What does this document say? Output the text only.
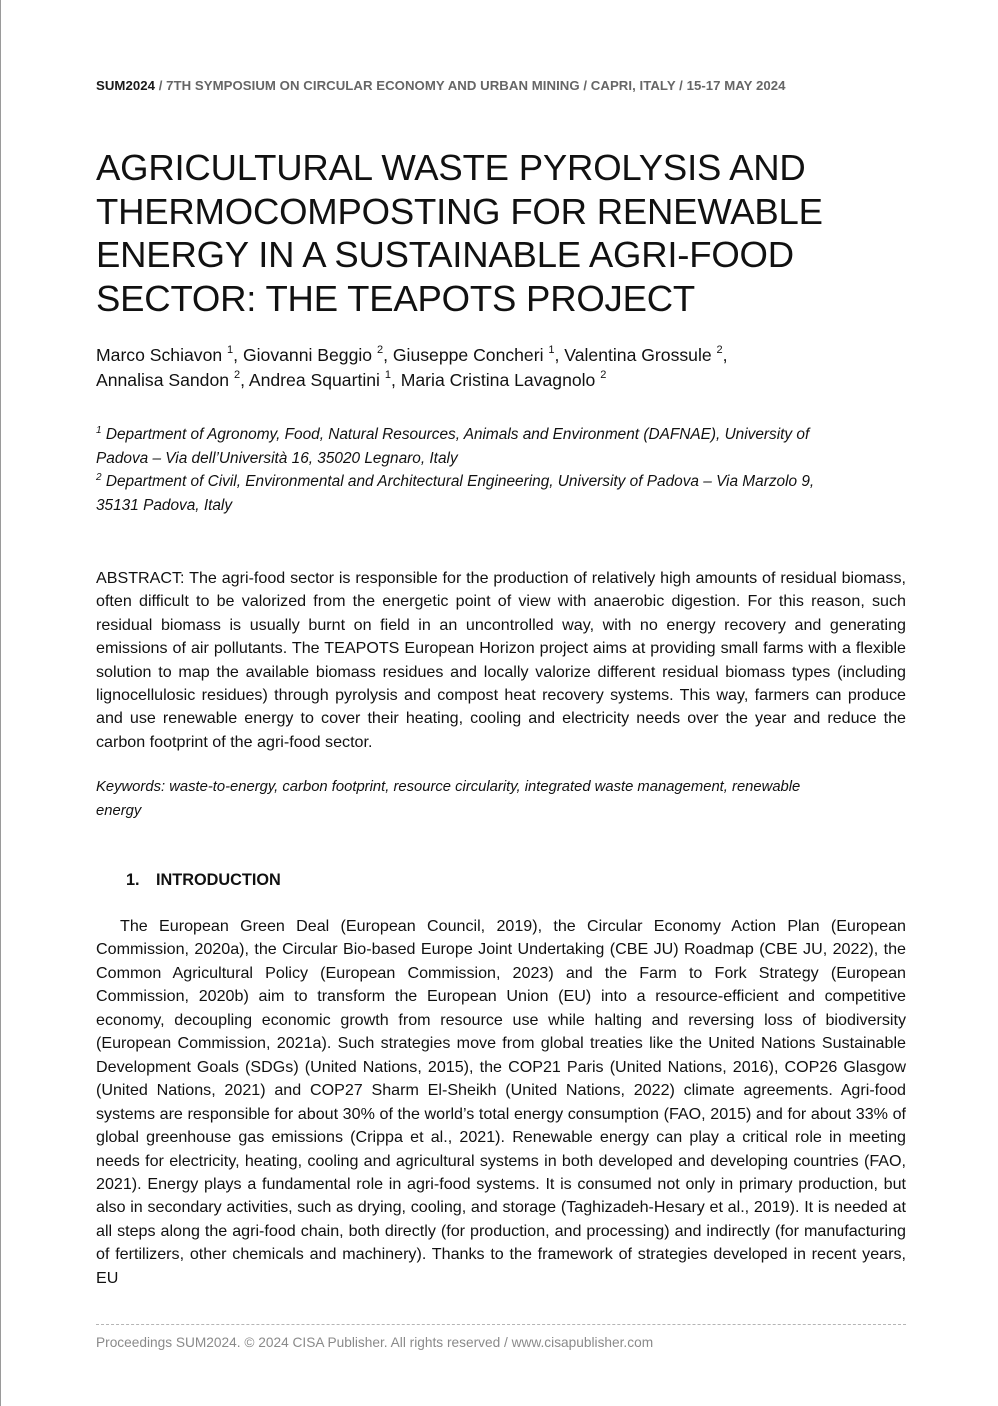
SUM2024 / 7TH SYMPOSIUM ON CIRCULAR ECONOMY AND URBAN MINING / CAPRI, ITALY / 15-17 MAY 2024
AGRICULTURAL WASTE PYROLYSIS AND
THERMOCOMPOSTING FOR RENEWABLE
ENERGY IN A SUSTAINABLE AGRI-FOOD
SECTOR: THE TEAPOTS PROJECT
Marco Schiavon $^1$, Giovanni Beggio $^2$, Giuseppe Concheri $^1$, Valentina Grossule $^2$,
Annalisa Sandon $^2$, Andrea Squartini $^1$, Maria Cristina Lavagnolo $^2$
$^1$ Department of Agronomy, Food, Natural Resources, Animals and Environment (DAFNAE), University of
Padova – Via dell’Università 16, 35020 Legnaro, Italy
$^2$ Department of Civil, Environmental and Architectural Engineering, University of Padova – Via Marzolo 9,
35131 Padova, Italy

ABSTRACT: The agri-food sector is responsible for the production of relatively high amounts of residual biomass, often difficult to be valorized from the energetic point of view with anaerobic digestion. For this reason, such residual biomass is usually burnt on field in an uncontrolled way, with no energy recovery and generating emissions of air pollutants. The TEAPOTS European Horizon project aims at providing small farms with a flexible solution to map the available biomass residues and locally valorize different residual biomass types (including lignocellulosic residues) through pyrolysis and compost heat recovery systems. This way, farmers can produce and use renewable energy to cover their heating, cooling and electricity needs over the year and reduce the carbon footprint of the agri-food sector.

Keywords: waste-to-energy, carbon footprint, resource circularity, integrated waste management, renewable
energy
1. INTRODUCTION

The European Green Deal (European Council, 2019), the Circular Economy Action Plan (European Commission, 2020a), the Circular Bio-based Europe Joint Undertaking (CBE JU) Roadmap (CBE JU, 2022), the Common Agricultural Policy (European Commission, 2023) and the Farm to Fork Strategy (European Commission, 2020b) aim to transform the European Union (EU) into a resource-efficient and competitive economy, decoupling economic growth from resource use while halting and reversing loss of biodiversity (European Commission, 2021a). Such strategies move from global treaties like the United Nations Sustainable Development Goals (SDGs) (United Nations, 2015), the COP21 Paris (United Nations, 2016), COP26 Glasgow (United Nations, 2021) and COP27 Sharm El-Sheikh (United Nations, 2022) climate agreements. Agri-food systems are responsible for about 30% of the world’s total energy consumption (FAO, 2015) and for about 33% of global greenhouse gas emissions (Crippa et al., 2021). Renewable energy can play a critical role in meeting needs for electricity, heating, cooling and agricultural systems in both developed and developing countries (FAO, 2021). Energy plays a fundamental role in agri-food systems. It is consumed not only in primary production, but also in secondary activities, such as drying, cooling, and storage (Taghizadeh-Hesary et al., 2019). It is needed at all steps along the agri-food chain, both directly (for production, and processing) and indirectly (for manufacturing of fertilizers, other chemicals and machinery). Thanks to the framework of strategies developed in recent years, EU

Proceedings SUM2024. © 2024 CISA Publisher. All rights reserved / www.cisapublisher.com
